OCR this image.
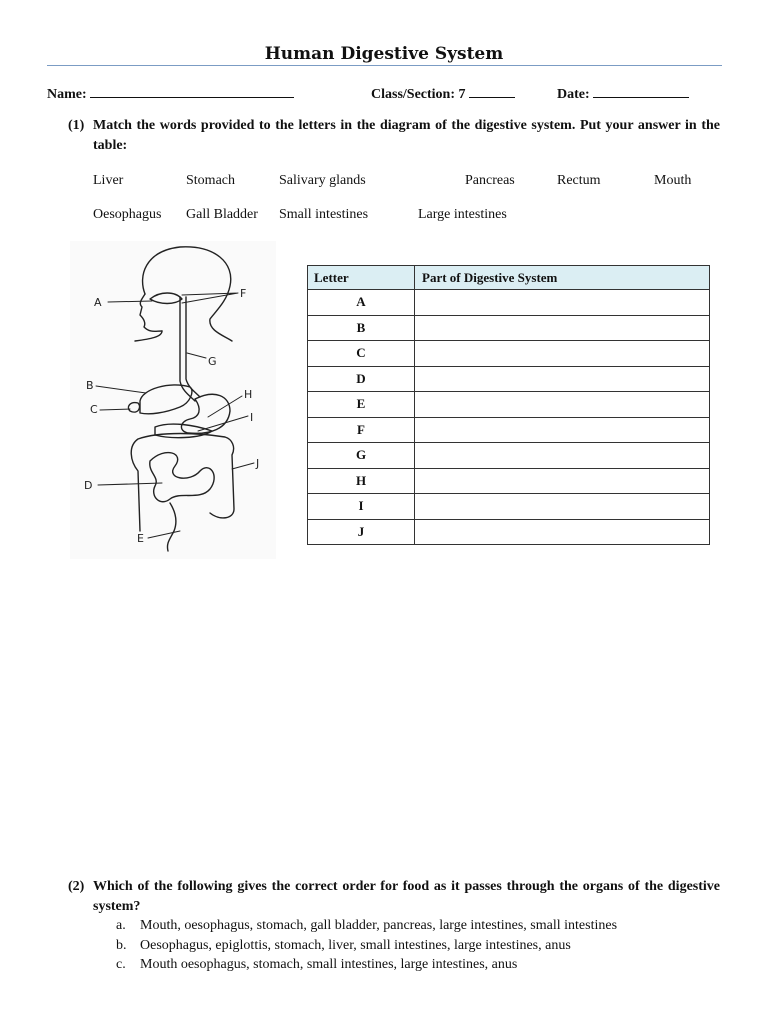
Human Digestive System
Name:	Class/Section: 7	Date:
(1) Match the words provided to the letters in the diagram of the digestive system. Put your answer in the table:
Liver	Stomach	Salivary glands	Pancreas	Rectum	Mouth
Oesophagus Gall Bladder Small intestines	Large intestines
A
B
C
D
E
F
G
H
I
J
Letter	Part of Digestive System
A	
B	
C	
D	
E	
F	
G	
H	
I	
J	
(2) Which of the following gives the correct order for food as it passes through the organs of the digestive system?
a. Mouth, oesophagus, stomach, gall bladder, pancreas, large intestines, small intestines
b. Oesophagus, epiglottis, stomach, liver, small intestines, large intestines, anus
c. Mouth oesophagus, stomach, small intestines, large intestines, anus
